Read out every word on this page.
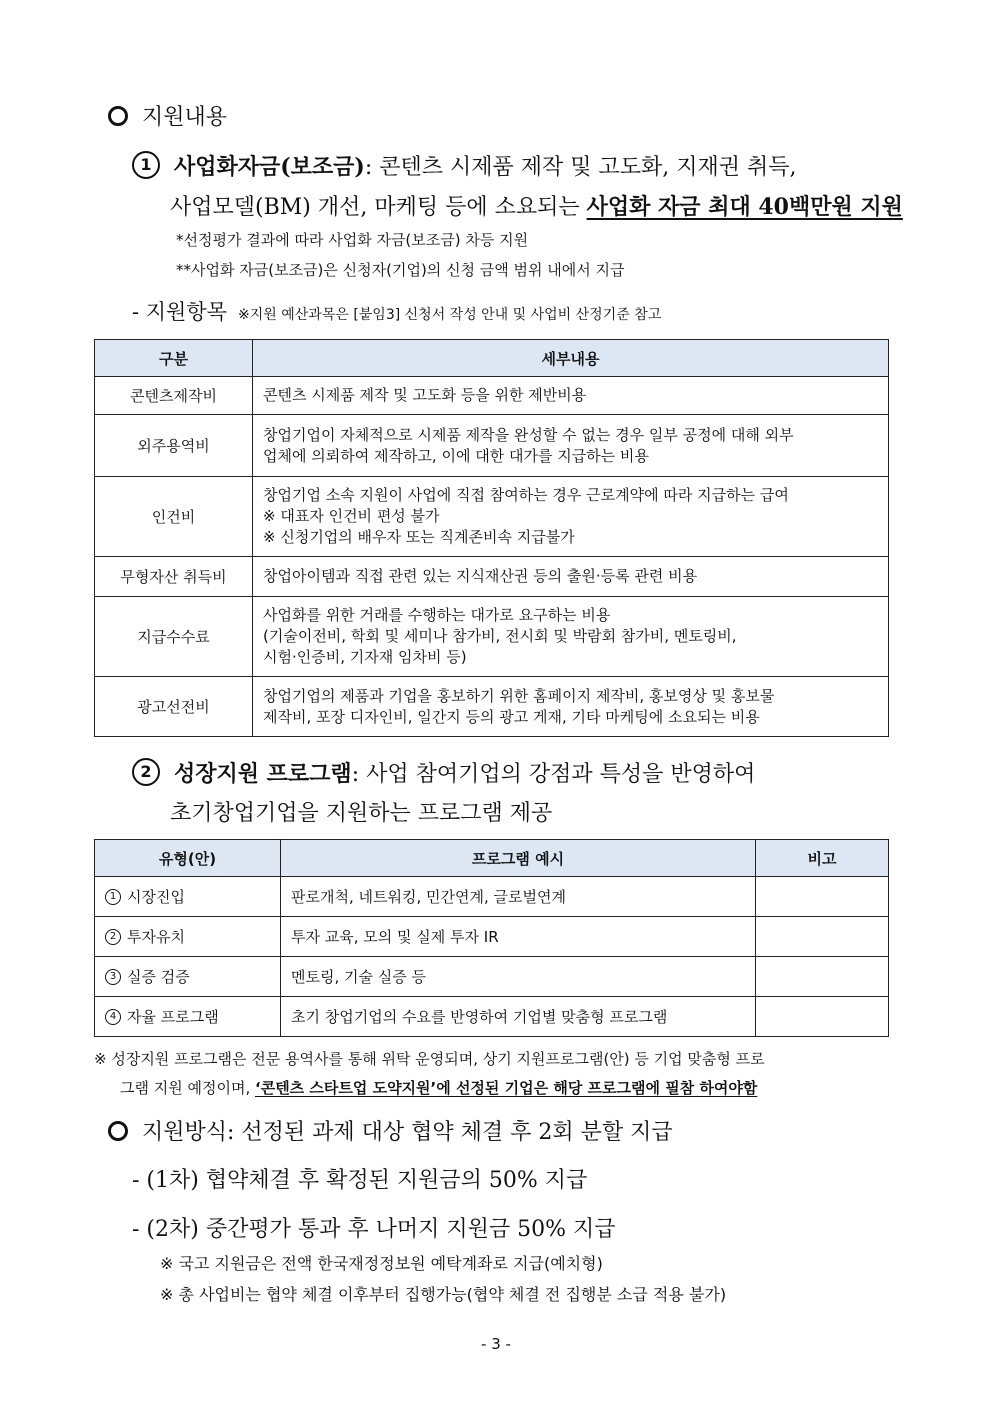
지원내용
1 사업화자금(보조금): 콘텐츠 시제품 제작 및 고도화, 지재권 취득,
사업모델(BM) 개선, 마케팅 등에 소요되는 사업화 자금 최대 40백만원 지원
*선정평가 결과에 따라 사업화 자금(보조금) 차등 지원
**사업화 자금(보조금)은 신청자(기업)의 신청 금액 범위 내에서 지급
- 지원항목 ※지원 예산과목은 [붙임3] 신청서 작성 안내 및 사업비 산정기준 참고
구분	세부내용
콘텐츠제작비	콘텐츠 시제품 제작 및 고도화 등을 위한 제반비용

외주용역비	창업기업이 자체적으로 시제품 제작을 완성할 수 없는 경우 일부 공정에 대해 외부
업체에 의뢰하여 제작하고, 이에 대한 대가를 지급하는 비용

인건비	창업기업 소속 지원이 사업에 직접 참여하는 경우 근로계약에 따라 지급하는 급여
※ 대표자 인건비 편성 불가
※ 신청기업의 배우자 또는 직계존비속 지급불가

무형자산 취득비	창업아이템과 직접 관련 있는 지식재산권 등의 출원·등록 관련 비용

지급수수료	사업화를 위한 거래를 수행하는 대가로 요구하는 비용
(기술이전비, 학회 및 세미나 참가비, 전시회 및 박람회 참가비, 멘토링비,
시험·인증비, 기자재 임차비 등)

광고선전비	창업기업의 제품과 기업을 홍보하기 위한 홈페이지 제작비, 홍보영상 및 홍보물
제작비, 포장 디자인비, 일간지 등의 광고 게재, 기타 마케팅에 소요되는 비용
2 성장지원 프로그램: 사업 참여기업의 강점과 특성을 반영하여
초기창업기업을 지원하는 프로그램 제공
유형(안)	프로그램 예시	비고
1 시장진입	판로개척, 네트워킹, 민간연계, 글로벌연계	
2 투자유치	투자 교육, 모의 및 실제 투자 IR	
3 실증 검증	멘토링, 기술 실증 등	
4 자율 프로그램	초기 창업기업의 수요를 반영하여 기업별 맞춤형 프로그램	
※ 성장지원 프로그램은 전문 용역사를 통해 위탁 운영되며, 상기 지원프로그램(안) 등 기업 맞춤형 프로
그램 지원 예정이며, ‘콘텐츠 스타트업 도약지원’에 선정된 기업은 해당 프로그램에 필참 하여야함
지원방식: 선정된 과제 대상 협약 체결 후 2회 분할 지급
- (1차) 협약체결 후 확정된 지원금의 50% 지급
- (2차) 중간평가 통과 후 나머지 지원금 50% 지급
※ 국고 지원금은 전액 한국재정정보원 예탁계좌로 지급(예치형)
※ 총 사업비는 협약 체결 이후부터 집행가능(협약 체결 전 집행분 소급 적용 불가)
- 3 -
